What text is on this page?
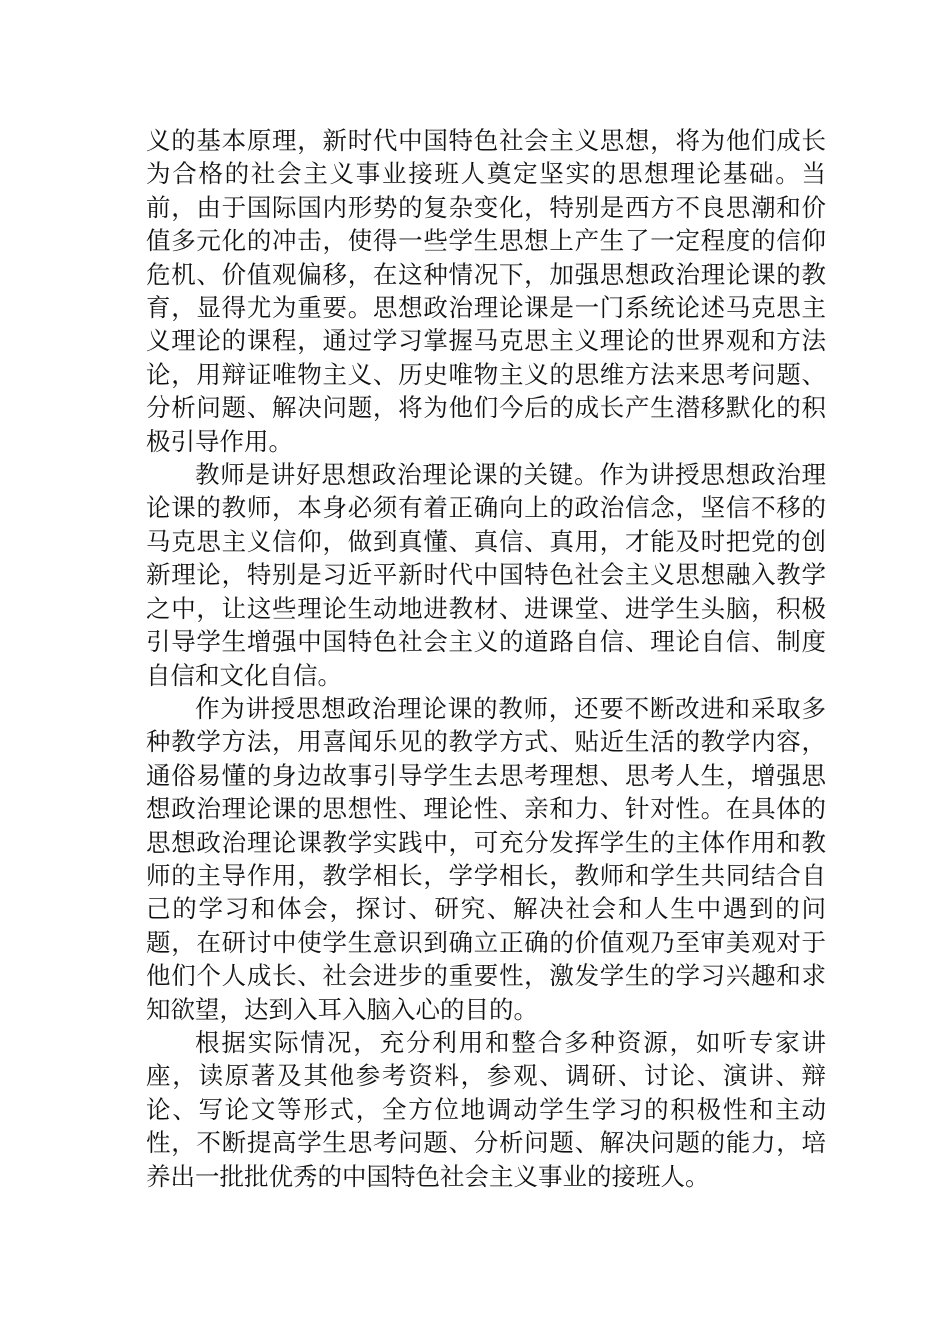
义的基本原理，新时代中国特色社会主义思想，将为他们成长为合格的社会主义事业接班人奠定坚实的思想理论基础。当前，由于国际国内形势的复杂变化，特别是西方不良思潮和价值多元化的冲击，使得一些学生思想上产生了一定程度的信仰危机、价值观偏移，在这种情况下，加强思想政治理论课的教育，显得尤为重要。思想政治理论课是一门系统论述马克思主义理论的课程，通过学习掌握马克思主义理论的世界观和方法论，用辩证唯物主义、历史唯物主义的思维方法来思考问题、分析问题、解决问题，将为他们今后的成长产生潜移默化的积极引导作用。

教师是讲好思想政治理论课的关键。作为讲授思想政治理论课的教师，本身必须有着正确向上的政治信念，坚信不移的马克思主义信仰，做到真懂、真信、真用，才能及时把党的创新理论，特别是习近平新时代中国特色社会主义思想融入教学之中，让这些理论生动地进教材、进课堂、进学生头脑，积极引导学生增强中国特色社会主义的道路自信、理论自信、制度自信和文化自信。

作为讲授思想政治理论课的教师，还要不断改进和采取多种教学方法，用喜闻乐见的教学方式、贴近生活的教学内容，通俗易懂的身边故事引导学生去思考理想、思考人生，增强思想政治理论课的思想性、理论性、亲和力、针对性。在具体的思想政治理论课教学实践中，可充分发挥学生的主体作用和教师的主导作用，教学相长，学学相长，教师和学生共同结合自己的学习和体会，探讨、研究、解决社会和人生中遇到的问题，在研讨中使学生意识到确立正确的价值观乃至审美观对于他们个人成长、社会进步的重要性，激发学生的学习兴趣和求知欲望，达到入耳入脑入心的目的。

根据实际情况，充分利用和整合多种资源，如听专家讲座，读原著及其他参考资料，参观、调研、讨论、演讲、辩论、写论文等形式，全方位地调动学生学习的积极性和主动性，不断提高学生思考问题、分析问题、解决问题的能力，培养出一批批优秀的中国特色社会主义事业的接班人。
